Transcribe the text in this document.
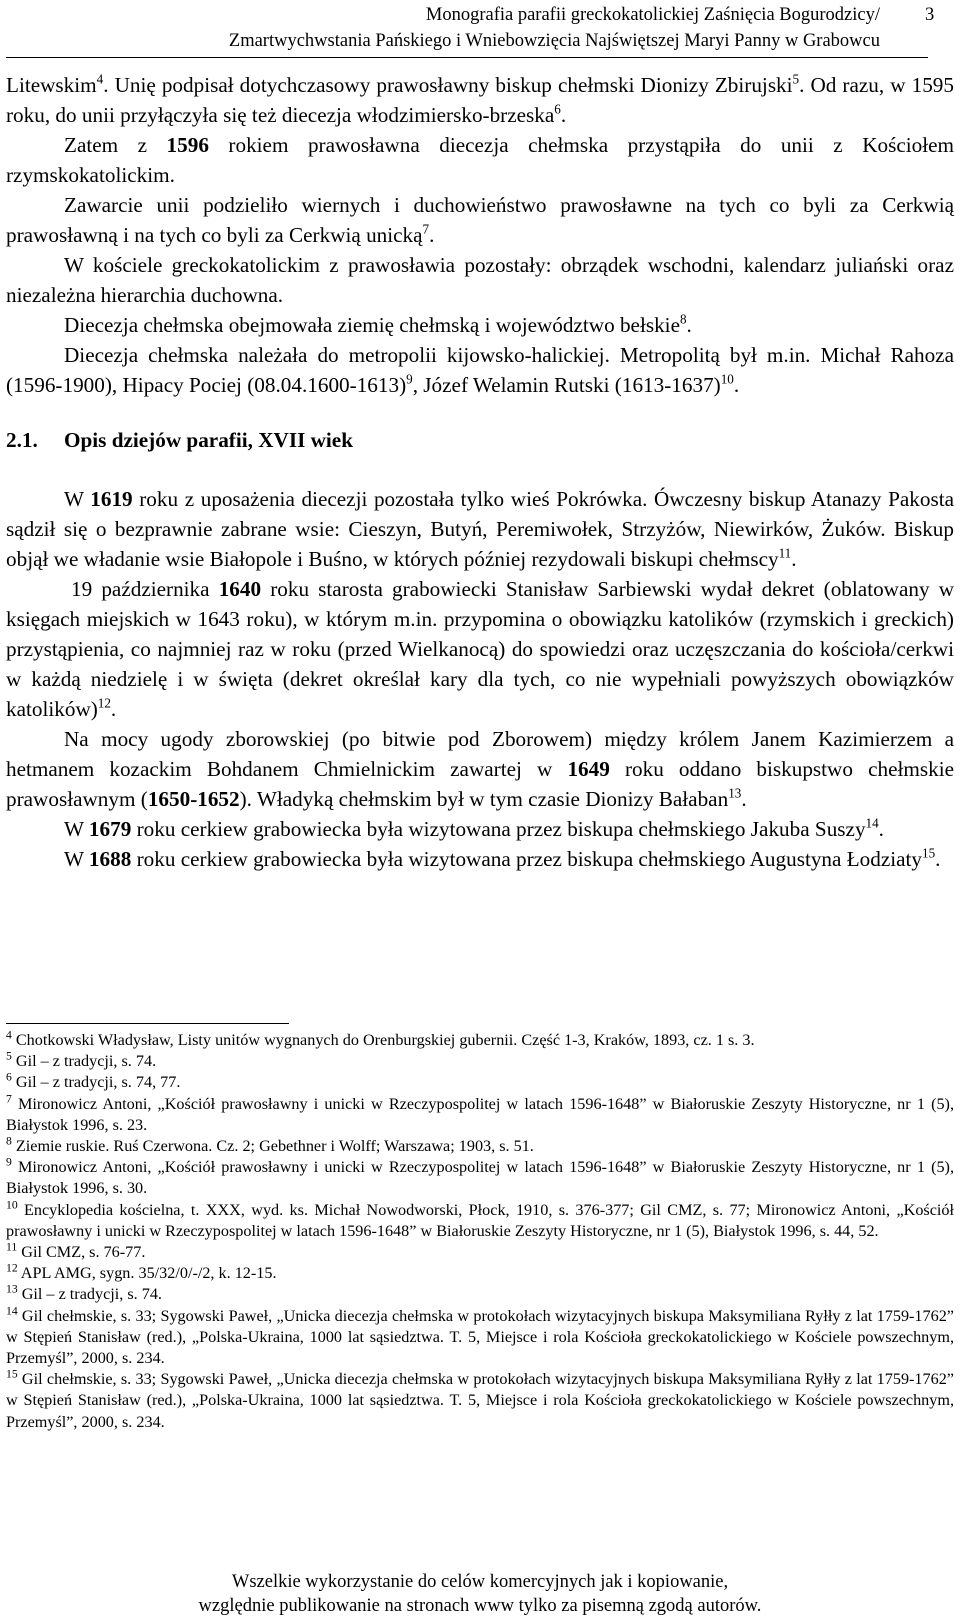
Monografia parafii greckokatolickiej Zaśnięcia Bogurodzicy/
Zmartwychwstania Pańskiego i Wniebowzięcia Najświętszej Maryi Panny w Grabowcu
3

Litewskim$^4$. Unię podpisał dotychczasowy prawosławny biskup chełmski Dionizy Zbirujski$^5$. Od razu, w 1595 roku, do unii przyłączyła się też diecezja włodzimiersko-brzeska$^6$.

Zatem z 1596 rokiem prawosławna diecezja chełmska przystąpiła do unii z Kościołem rzymskokatolickim.

Zawarcie unii podzieliło wiernych i duchowieństwo prawosławne na tych co byli za Cerkwią prawosławną i na tych co byli za Cerkwią unicką$^7$.

W kościele greckokatolickim z prawosławia pozostały: obrządek wschodni, kalendarz juliański oraz niezależna hierarchia duchowna.

Diecezja chełmska obejmowała ziemię chełmską i województwo bełskie$^8$.

Diecezja chełmska należała do metropolii kijowsko-halickiej. Metropolitą był m.in. Michał Rahoza (1596-1900), Hipacy Pociej $(08.04.1600-1613)^9$, Józef Welamin Rutski (1613-1637)$^{10}$.

2.1. Opis dziejów parafii, XVII wiek

W 1619 roku z uposażenia diecezji pozostała tylko wieś Pokrówka. Ówczesny biskup Atanazy Pakosta sądził się o bezprawnie zabrane wsie: Cieszyn, Butyń, Peremiwołek, Strzyżów, Niewirków, Żuków. Biskup objął we władanie wsie Białopole i Buśno, w których później rezydowali biskupi chełmscy$^{11}$.

19 października 1640 roku starosta grabowiecki Stanisław Sarbiewski wydał dekret (oblatowany w księgach miejskich w 1643 roku), w którym m.in. przypomina o obowiązku katolików (rzymskich i greckich) przystąpienia, co najmniej raz w roku (przed Wielkanocą) do spowiedzi oraz uczęszczania do kościoła/cerkwi w każdą niedzielę i w święta (dekret określał kary dla tych, co nie wypełniali powyższych obowiązków katolików)$^{12}$.

Na mocy ugody zborowskiej (po bitwie pod Zborowem) między królem Janem Kazimierzem a hetmanem kozackim Bohdanem Chmielnickim zawartej w 1649 roku oddano biskupstwo chełmskie prawosławnym (1650-1652). Władyką chełmskim był w tym czasie Dionizy Bałaban$^{13}$.

W 1679 roku cerkiew grabowiecka była wizytowana przez biskupa chełmskiego Jakuba Suszy$^{14}$.

W 1688 roku cerkiew grabowiecka była wizytowana przez biskupa chełmskiego Augustyna Łodziaty$^{15}$.

$^4$ Chotkowski Władysław, Listy unitów wygnanych do Orenburgskiej gubernii. Część 1-3, Kraków, 1893, cz. 1 s. 3.

$^5$ Gil – z tradycji, s. 74.

$^6$ Gil – z tradycji, s. 74, 77.

$^7$ Mironowicz Antoni, „Kościół prawosławny i unicki w Rzeczypospolitej w latach 1596-1648” w Białoruskie Zeszyty Historyczne, nr 1 (5), Białystok 1996, s. 23.

$^8$ Ziemie ruskie. Ruś Czerwona. Cz. 2; Gebethner i Wolff; Warszawa; 1903, s. 51.

$^9$ Mironowicz Antoni, „Kościół prawosławny i unicki w Rzeczypospolitej w latach 1596-1648” w Białoruskie Zeszyty Historyczne, nr 1 (5), Białystok 1996, s. 30.

$^{10}$ Encyklopedia kościelna, t. XXX, wyd. ks. Michał Nowodworski, Płock, 1910, s. 376-377; Gil CMZ, s. 77; Mironowicz Antoni, „Kościół prawosławny i unicki w Rzeczypospolitej w latach 1596-1648” w Białoruskie Zeszyty Historyczne, nr 1 (5), Białystok 1996, s. 44, 52.

$^{11}$ Gil CMZ, s. 76-77.

$^{12}$ APL AMG, sygn. 35/32/0/-/2, k. 12-15.

$^{13}$ Gil – z tradycji, s. 74.

$^{14}$ Gil chełmskie, s. 33; Sygowski Paweł, „Unicka diecezja chełmska w protokołach wizytacyjnych biskupa Maksymiliana Ryłły z lat 1759-1762” w Stępień Stanisław (red.), „Polska-Ukraina, 1000 lat sąsiedztwa. T. 5, Miejsce i rola Kościoła greckokatolickiego w Kościele powszechnym, Przemyśl”, 2000, s. 234.

$^{15}$ Gil chełmskie, s. 33; Sygowski Paweł, „Unicka diecezja chełmska w protokołach wizytacyjnych biskupa Maksymiliana Ryłły z lat 1759-1762” w Stępień Stanisław (red.), „Polska-Ukraina, 1000 lat sąsiedztwa. T. 5, Miejsce i rola Kościoła greckokatolickiego w Kościele powszechnym, Przemyśl”, 2000, s. 234.

Wszelkie wykorzystanie do celów komercyjnych jak i kopiowanie,
względnie publikowanie na stronach www tylko za pisemną zgodą autorów.
